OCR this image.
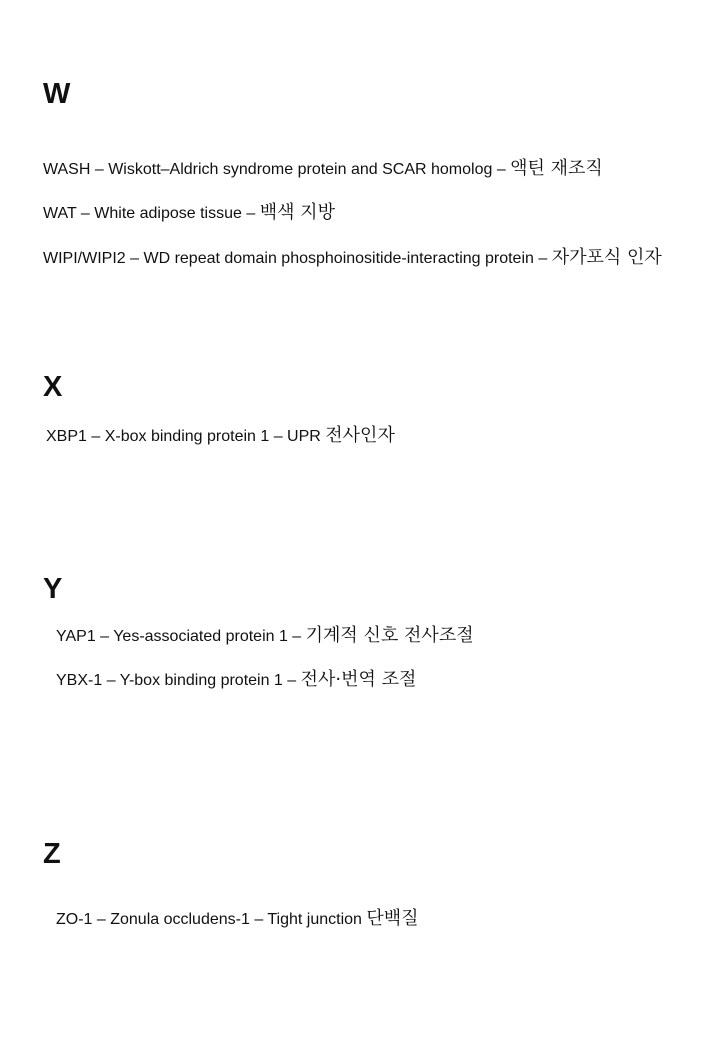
W
WASH – Wiskott–Aldrich syndrome protein and SCAR homolog – 액틴 재조직
WAT – White adipose tissue – 백색 지방
WIPI/WIPI2 – WD repeat domain phosphoinositide-interacting protein – 자가포식 인자
X
XBP1 – X-box binding protein 1 – UPR 전사인자
Y
YAP1 – Yes-associated protein 1 – 기계적 신호 전사조절
YBX-1 – Y-box binding protein 1 – 전사·번역 조절
Z
ZO-1 – Zonula occludens-1 – Tight junction 단백질
